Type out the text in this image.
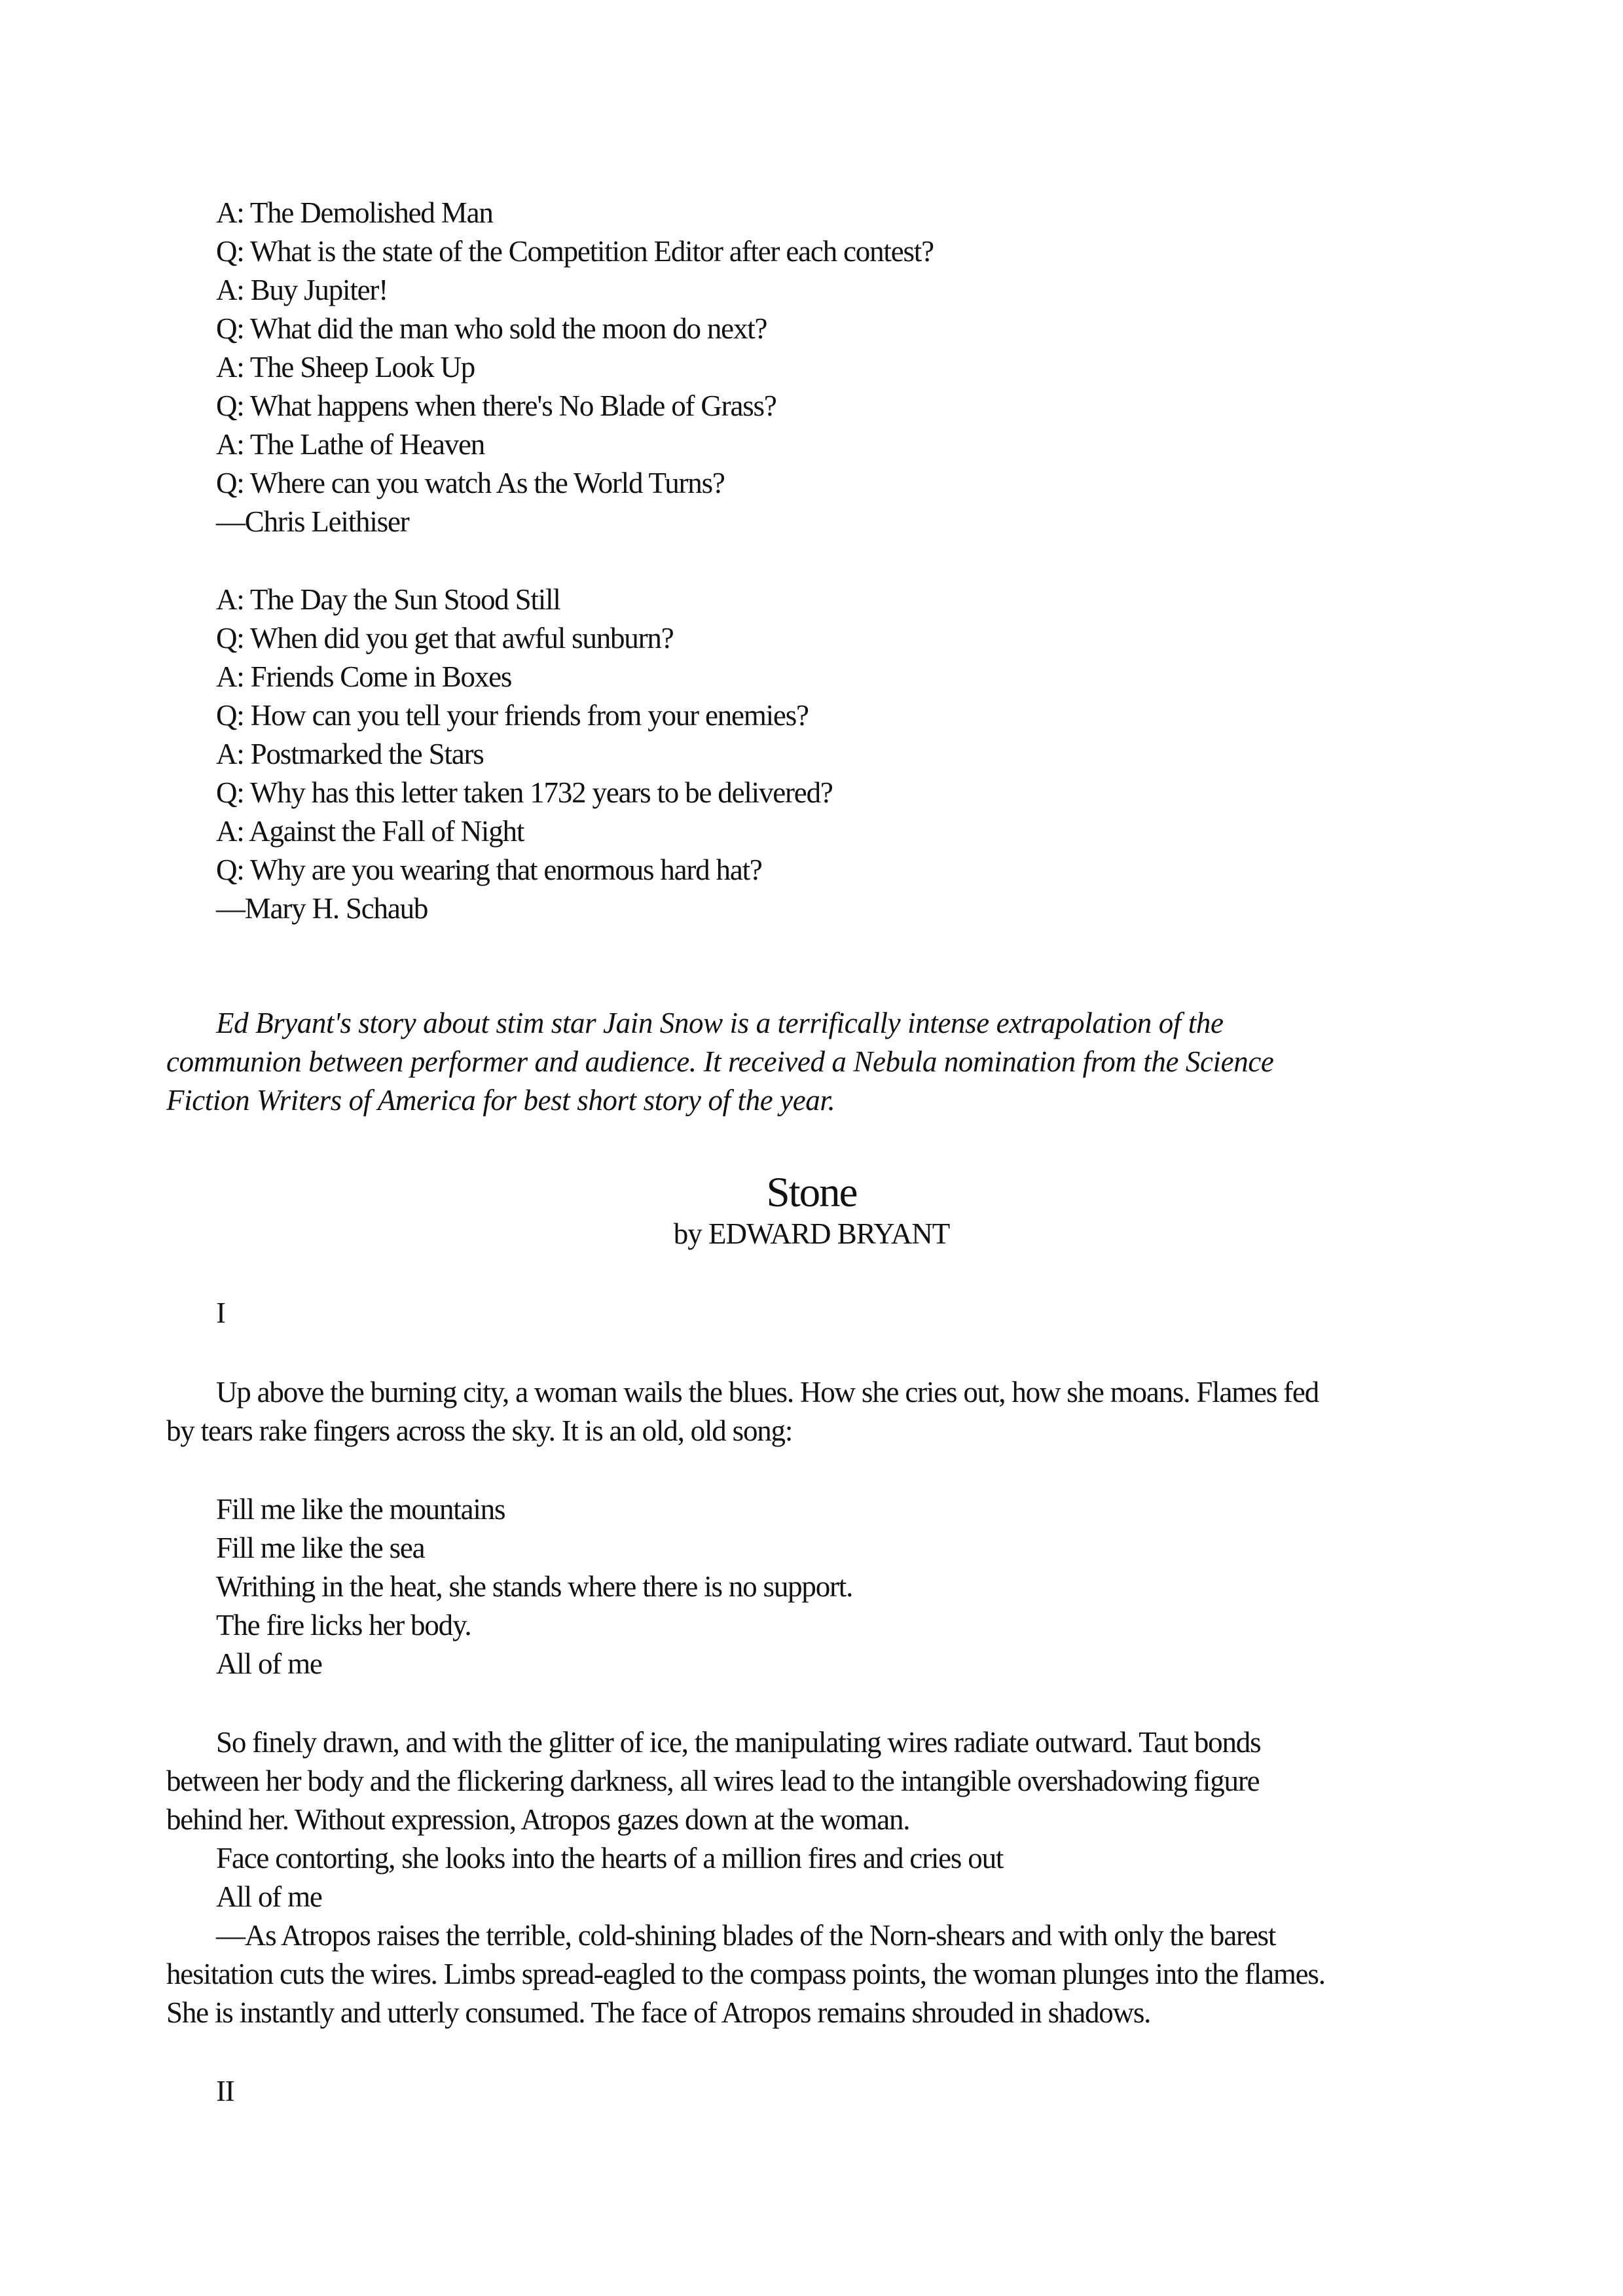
A: The Demolished Man
Q: What is the state of the Competition Editor after each contest?
A: Buy Jupiter!
Q: What did the man who sold the moon do next?
A: The Sheep Look Up
Q: What happens when there's No Blade of Grass?
A: The Lathe of Heaven
Q: Where can you watch As the World Turns?
—Chris Leithiser
A: The Day the Sun Stood Still
Q: When did you get that awful sunburn?
A: Friends Come in Boxes
Q: How can you tell your friends from your enemies?
A: Postmarked the Stars
Q: Why has this letter taken 1732 years to be delivered?
A: Against the Fall of Night
Q: Why are you wearing that enormous hard hat?
—Mary H. Schaub
Ed Bryant's story about stim star Jain Snow is a terrifically intense extrapolation of the
communion between performer and audience. It received a Nebula nomination from the Science
Fiction Writers of America for best short story of the year.
Stone
by EDWARD BRYANT
I
Up above the burning city, a woman wails the blues. How she cries out, how she moans. Flames fed
by tears rake fingers across the sky. It is an old, old song:
Fill me like the mountains
Fill me like the sea
Writhing in the heat, she stands where there is no support.
The fire licks her body.
All of me
So finely drawn, and with the glitter of ice, the manipulating wires radiate outward. Taut bonds
between her body and the flickering darkness, all wires lead to the intangible overshadowing figure
behind her. Without expression, Atropos gazes down at the woman.
Face contorting, she looks into the hearts of a million fires and cries out
All of me
—As Atropos raises the terrible, cold-shining blades of the Norn-shears and with only the barest
hesitation cuts the wires. Limbs spread-eagled to the compass points, the woman plunges into the flames.
She is instantly and utterly consumed. The face of Atropos remains shrouded in shadows.
II
